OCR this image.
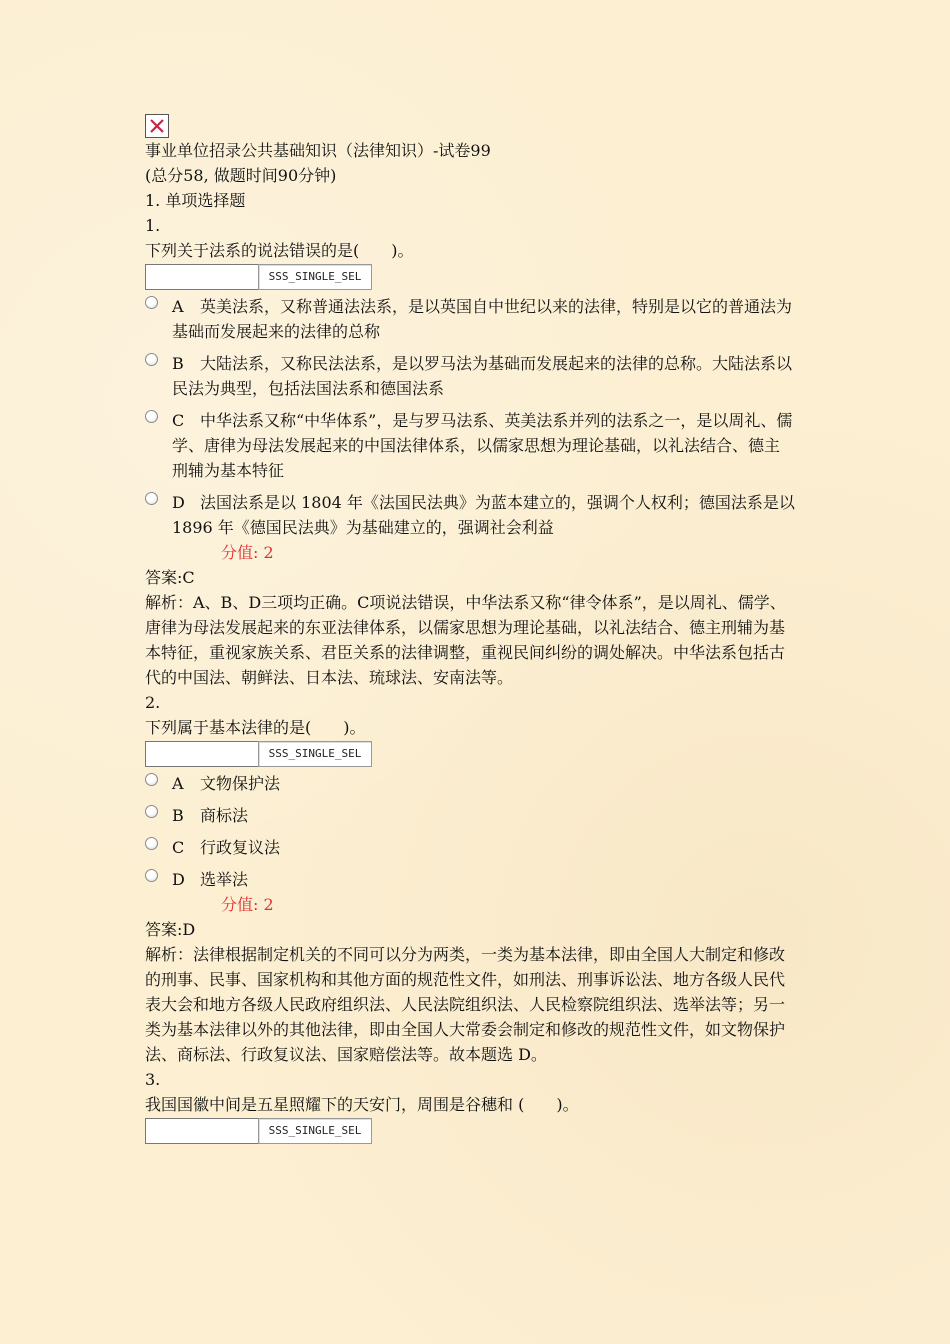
事业单位招录公共基础知识（法律知识）-试卷99
(总分58, 做题时间90分钟)
1. 单项选择题
1.
下列关于法系的说法错误的是(　　)。
SSS_SINGLE_SEL
A 英美法系，又称普通法法系，是以英国自中世纪以来的法律，特别是以它的普通法为基础而发展起来的法律的总称
B 大陆法系，又称民法法系，是以罗马法为基础而发展起来的法律的总称。大陆法系以民法为典型，包括法国法系和德国法系
C 中华法系又称“中华体系”，是与罗马法系、英美法系并列的法系之一，是以周礼、儒学、唐律为母法发展起来的中国法律体系，以儒家思想为理论基础，以礼法结合、德主刑辅为基本特征
D 法国法系是以 1804 年《法国民法典》为蓝本建立的，强调个人权利；德国法系是以 1896 年《德国民法典》为基础建立的，强调社会利益
分值: 2
答案:C
解析：A、B、D三项均正确。C项说法错误，中华法系又称“律令体系”，是以周礼、儒学、唐律为母法发展起来的东亚法律体系，以儒家思想为理论基础，以礼法结合、德主刑辅为基本特征，重视家族关系、君臣关系的法律调整，重视民间纠纷的调处解决。中华法系包括古代的中国法、朝鲜法、日本法、琉球法、安南法等。
2.
下列属于基本法律的是(　　)。
SSS_SINGLE_SEL
A 文物保护法
B 商标法
C 行政复议法
D 选举法
分值: 2
答案:D
解析：法律根据制定机关的不同可以分为两类，一类为基本法律，即由全国人大制定和修改的刑事、民事、国家机构和其他方面的规范性文件，如刑法、刑事诉讼法、地方各级人民代表大会和地方各级人民政府组织法、人民法院组织法、人民检察院组织法、选举法等；另一类为基本法律以外的其他法律，即由全国人大常委会制定和修改的规范性文件，如文物保护法、商标法、行政复议法、国家赔偿法等。故本题选 D。
3.
我国国徽中间是五星照耀下的天安门，周围是谷穗和 (　　)。
SSS_SINGLE_SEL
